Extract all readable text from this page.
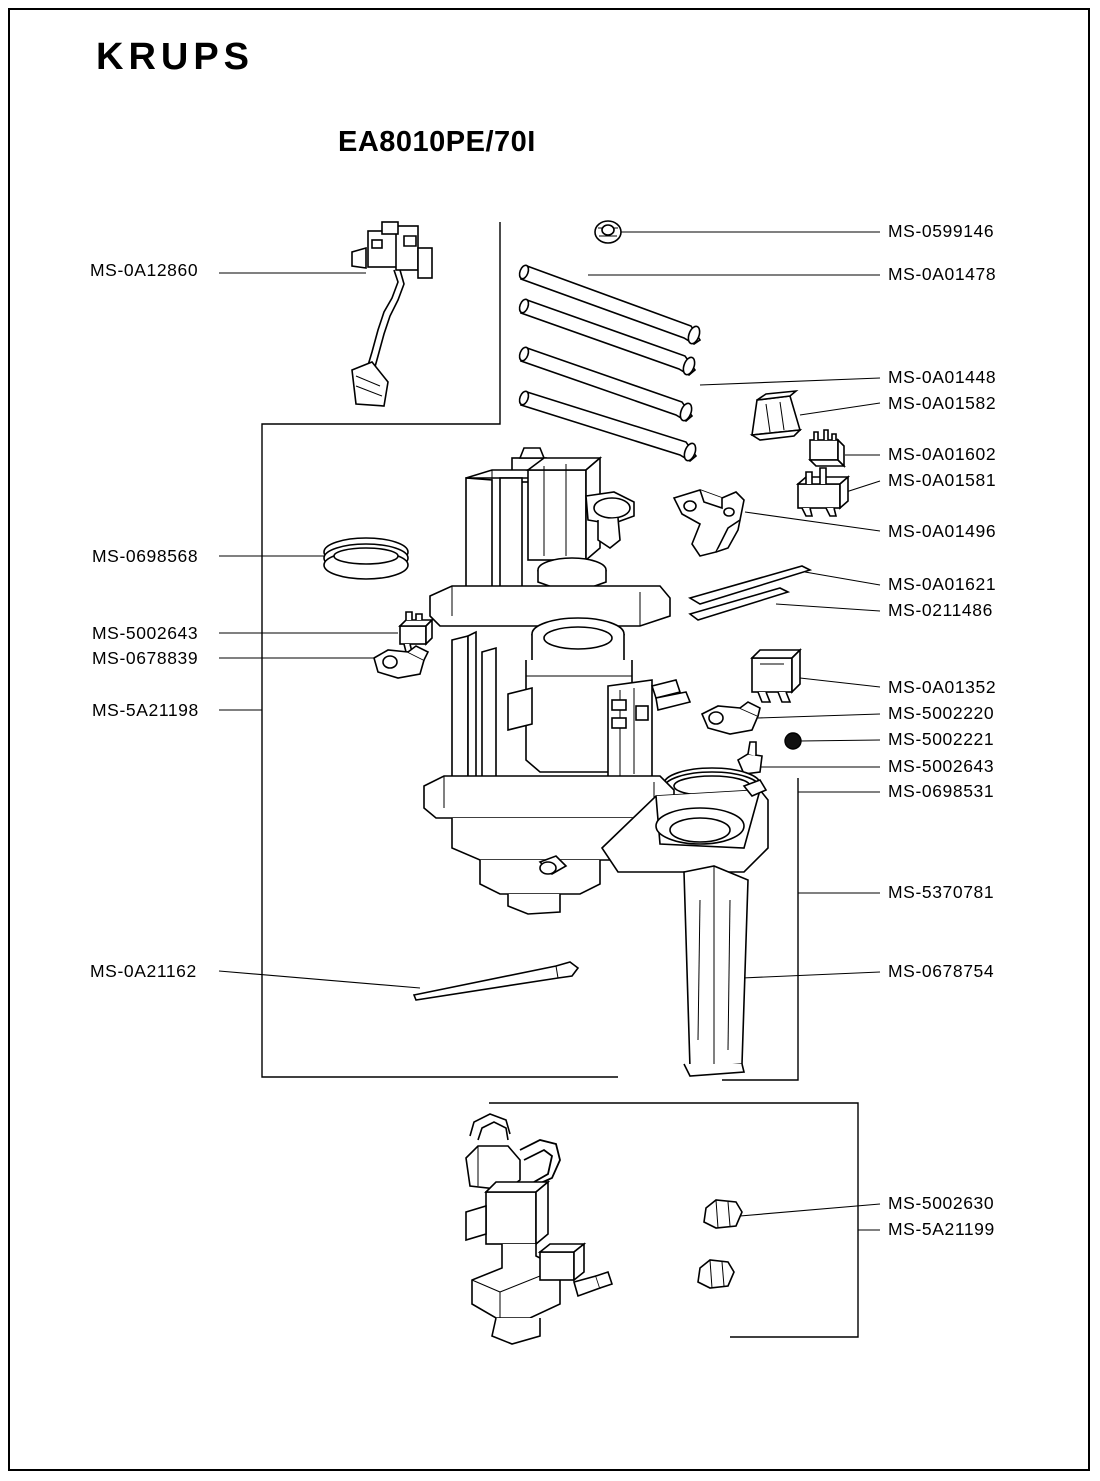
KRUPS
EA8010PE/70I
MS-0A12860
MS-0698568
MS-5002643
MS-0678839
MS-5A21198
MS-0A21162
MS-0599146
MS-0A01478
MS-0A01448
MS-0A01582
MS-0A01602
MS-0A01581
MS-0A01496
MS-0A01621
MS-0211486
MS-0A01352
MS-5002220
MS-5002221
MS-5002643
MS-0698531
MS-5370781
MS-0678754
MS-5002630
MS-5A21199
